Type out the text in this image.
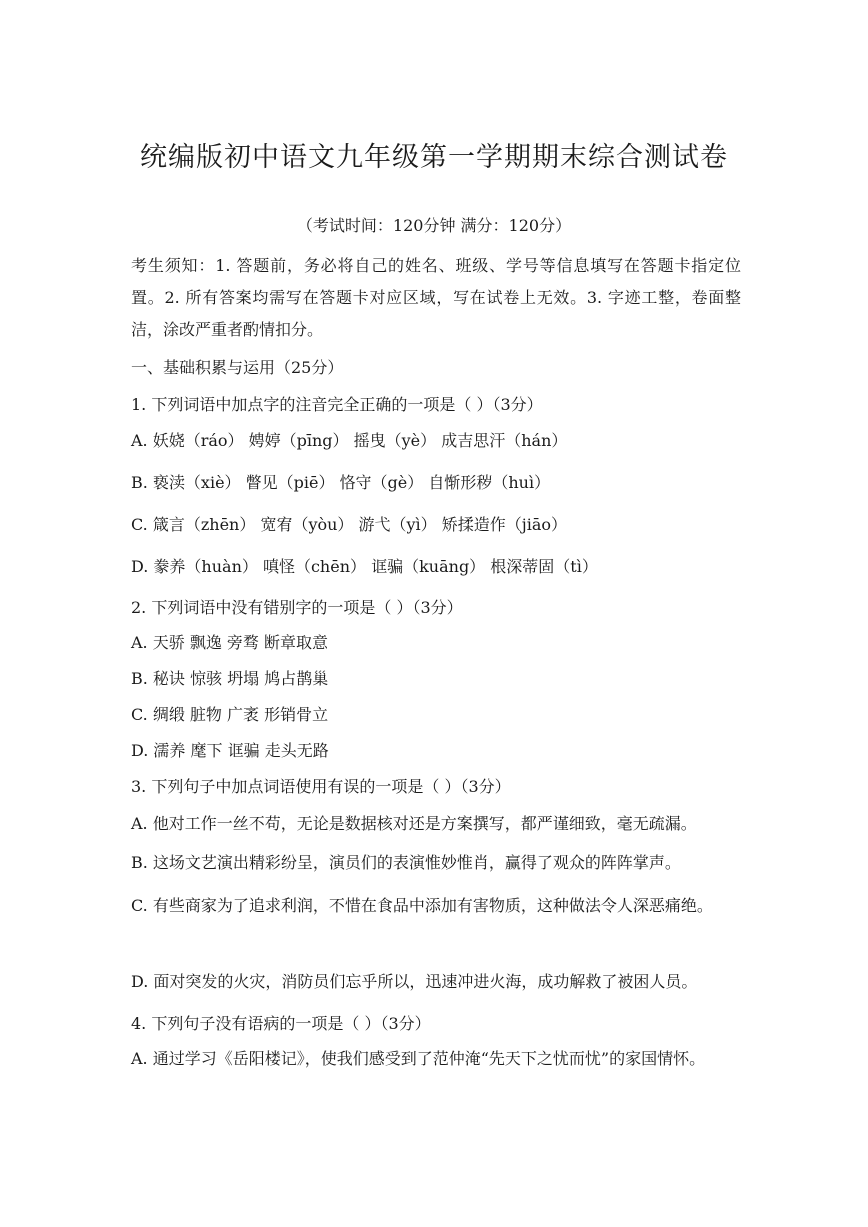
统编版初中语文九年级第一学期期末综合测试卷
（考试时间：120分钟 满分：120分）
考生须知：1. 答题前，务必将自己的姓名、班级、学号等信息填写在答题卡指定位置。2. 所有答案均需写在答题卡对应区域，写在试卷上无效。3. 字迹工整，卷面整洁，涂改严重者酌情扣分。
一、基础积累与运用（25分）
1. 下列词语中加点字的注音完全正确的一项是（ ）（3分）
A. 妖娆（ráo） 娉婷（pīng） 摇曳（yè） 成吉思汗（hán）
B. 亵渎（xiè） 瞥见（piē） 恪守（gè） 自惭形秽（huì）
C. 箴言（zhēn） 宽宥（yòu） 游弋（yì） 矫揉造作（jiāo）
D. 豢养（huàn） 嗔怪（chēn） 诓骗（kuāng） 根深蒂固（tì）
2. 下列词语中没有错别字的一项是（ ）（3分）
A. 天骄 飘逸 旁骛 断章取意
B. 秘诀 惊骇 坍塌 鸠占鹊巢
C. 绸缎 脏物 广袤 形销骨立
D. 濡养 麾下 诓骗 走头无路
3. 下列句子中加点词语使用有误的一项是（ ）（3分）
A. 他对工作一丝不苟，无论是数据核对还是方案撰写，都严谨细致，毫无疏漏。
B. 这场文艺演出精彩纷呈，演员们的表演惟妙惟肖，赢得了观众的阵阵掌声。
C. 有些商家为了追求利润，不惜在食品中添加有害物质，这种做法令人深恶痛绝。
D. 面对突发的火灾，消防员们忘乎所以，迅速冲进火海，成功解救了被困人员。
4. 下列句子没有语病的一项是（ ）（3分）
A. 通过学习《岳阳楼记》，使我们感受到了范仲淹“先天下之忧而忧”的家国情怀。
